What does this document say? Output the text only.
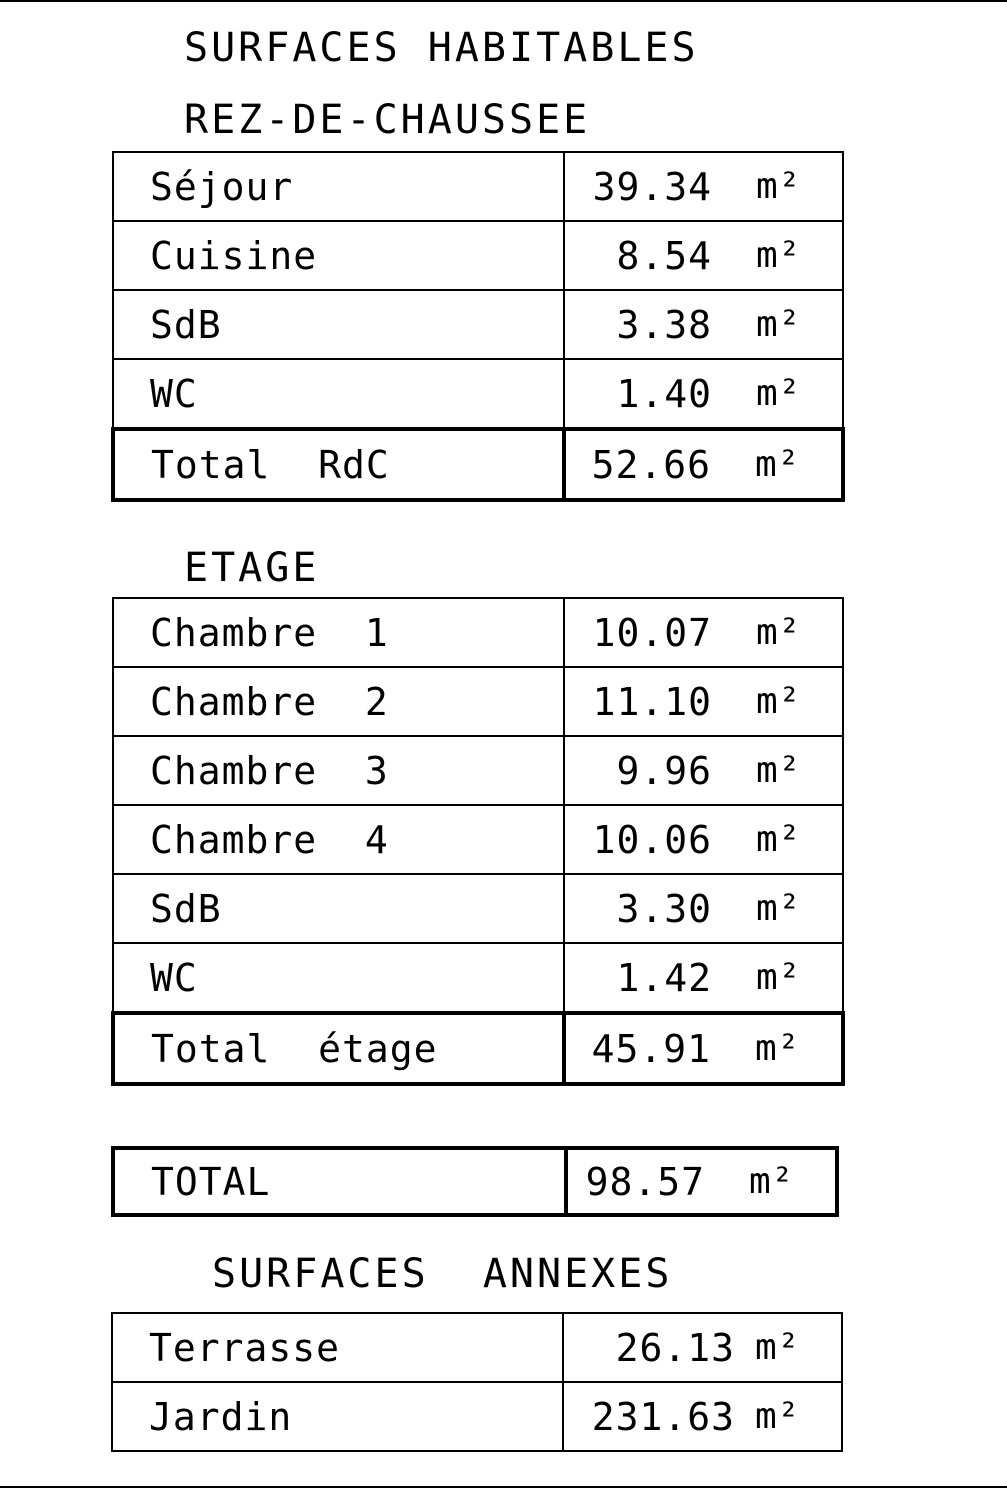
SURFACES HABITABLES
REZ-DE-CHAUSSEE
Séjour	39.34 m²

Cuisine	8.54 m²

SdB	3.38 m²

WC	1.40 m²

Total  RdC	52.66 m²
ETAGE
Chambre  1	10.07 m²

Chambre  2	11.10 m²

Chambre  3	9.96 m²

Chambre  4	10.06 m²

SdB	3.30 m²

WC	1.42 m²

Total  étage	45.91 m²
TOTAL	98.57 m²
SURFACES  ANNEXES
Terrasse	26.13 m²

Jardin	231.63 m²
